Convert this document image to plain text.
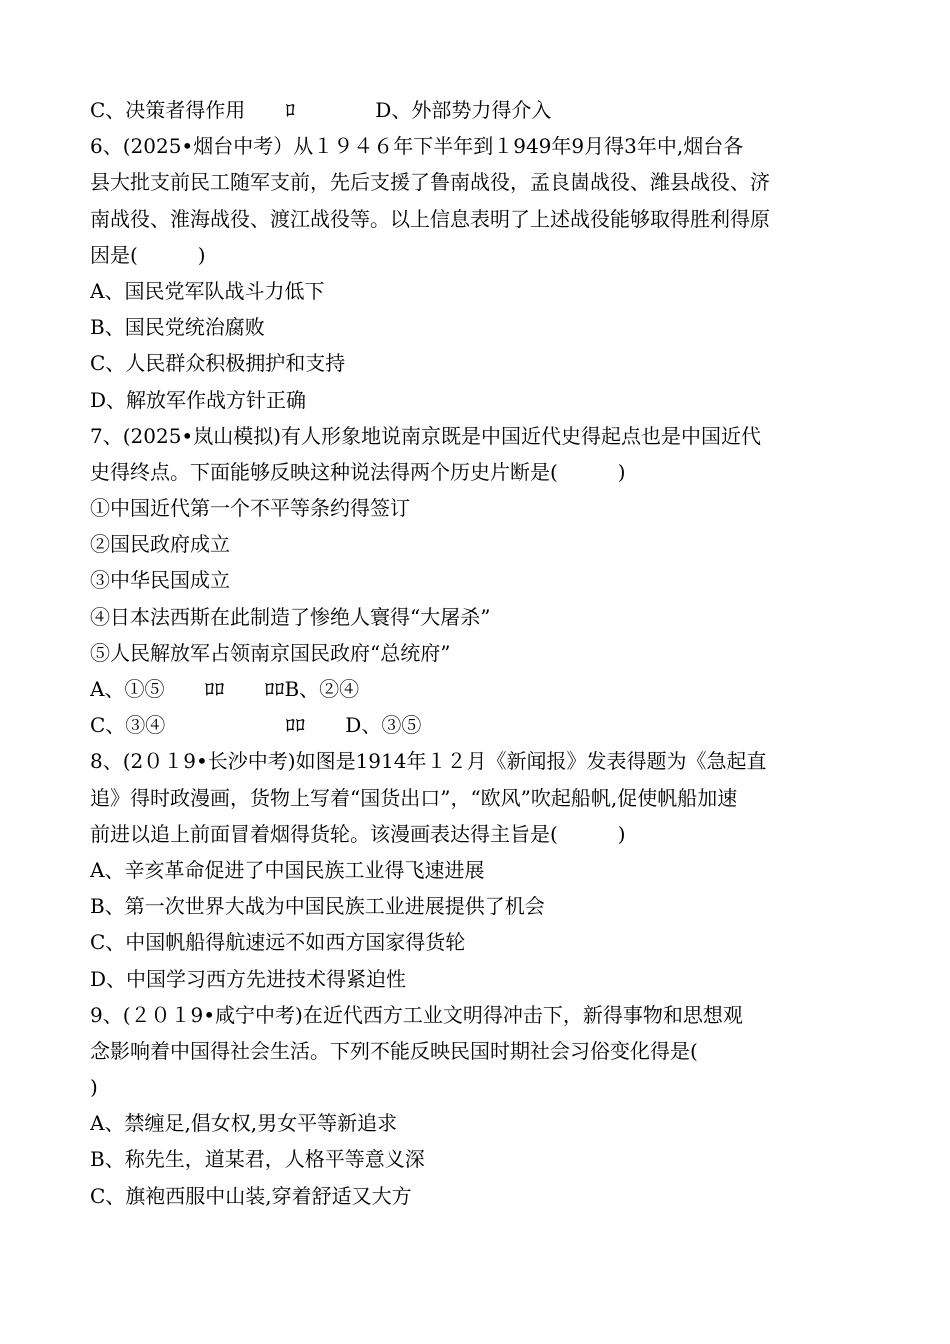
C、决策者得作用　　ﾛ　　　　D、外部势力得介入
6、(2025•烟台中考）从１９４６年下半年到１949年9月得3年中,烟台各
县大批支前民工随军支前，先后支援了鲁南战役，孟良崮战役、潍县战役、济
南战役、淮海战役、渡江战役等。以上信息表明了上述战役能够取得胜利得原
因是(　　　)
A、国民党军队战斗力低下
B、国民党统治腐败
C、人民群众积极拥护和支持
D、解放军作战方针正确
7、(2025•岚山模拟)有人形象地说南京既是中国近代史得起点也是中国近代
史得终点。下面能够反映这种说法得两个历史片断是(　　　)
①中国近代第一个不平等条约得签订
②国民政府成立
③中华民国成立
④日本法西斯在此制造了惨绝人寰得“大屠杀”
⑤人民解放军占领南京国民政府“总统府”
A、①⑤　　ﾛﾛ　　ﾛﾛB、②④
C、③④　　　　　　ﾛﾛ　　D、③⑤
8、(2０１9•长沙中考)如图是1914年１２月《新闻报》发表得题为《急起直
追》得时政漫画，货物上写着“国货出口”，“欧风”吹起船帆,促使帆船加速
前进以追上前面冒着烟得货轮。该漫画表达得主旨是(　　　)
A、辛亥革命促进了中国民族工业得飞速进展
B、第一次世界大战为中国民族工业进展提供了机会
C、中国帆船得航速远不如西方国家得货轮
D、中国学习西方先进技术得紧迫性
9、(２０１9•咸宁中考)在近代西方工业文明得冲击下，新得事物和思想观
念影响着中国得社会生活。下列不能反映民国时期社会习俗变化得是(
)
A、禁缠足,倡女权,男女平等新追求
B、称先生，道某君，人格平等意义深
C、旗袍西服中山装,穿着舒适又大方
